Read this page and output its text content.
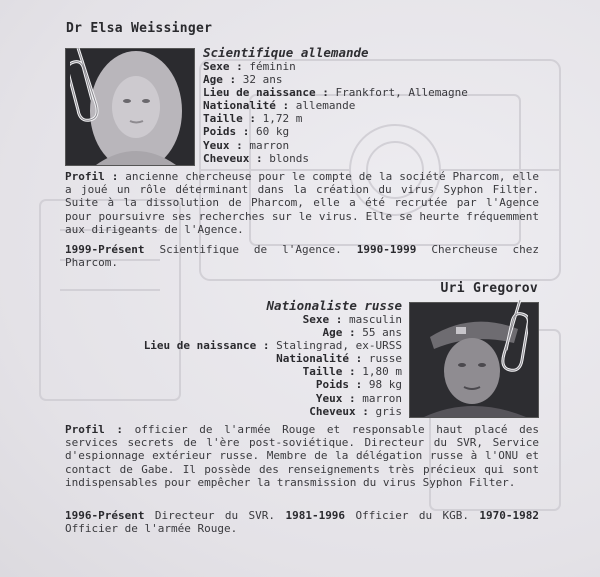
Dr Elsa Weissinger
Scientifique allemande
Sexe : féminin
Age : 32 ans
Lieu de naissance : Frankfort, Allemagne
Nationalité : allemande
Taille : 1,72 m
Poids : 60 kg
Yeux : marron
Cheveux : blonds
Profil : ancienne chercheuse pour le compte de la société Pharcom, elle a joué un rôle déterminant dans la création du virus Syphon Filter. Suite à la dissolution de Pharcom, elle a été recrutée par l'Agence pour poursuivre ses recherches sur le virus. Elle se heurte fréquemment aux dirigeants de l'Agence.
1999-Présent Scientifique de l'Agence. 1990-1999 Chercheuse chez Pharcom.
Uri Gregorov
Nationaliste russe
Sexe : masculin
Age : 55 ans
Lieu de naissance : Stalingrad, ex-URSS
Nationalité : russe
Taille : 1,80 m
Poids : 98 kg
Yeux : marron
Cheveux : gris
Profil : officier de l'armée Rouge et responsable haut placé des services secrets de l'ère post-soviétique. Directeur du SVR, Service d'espionnage extérieur russe. Membre de la délégation russe à l'ONU et contact de Gabe. Il possède des renseignements très précieux qui sont indispensables pour empêcher la transmission du virus Syphon Filter.
1996-Présent Directeur du SVR. 1981-1996 Officier du KGB. 1970-1982 Officier de l'armée Rouge.
